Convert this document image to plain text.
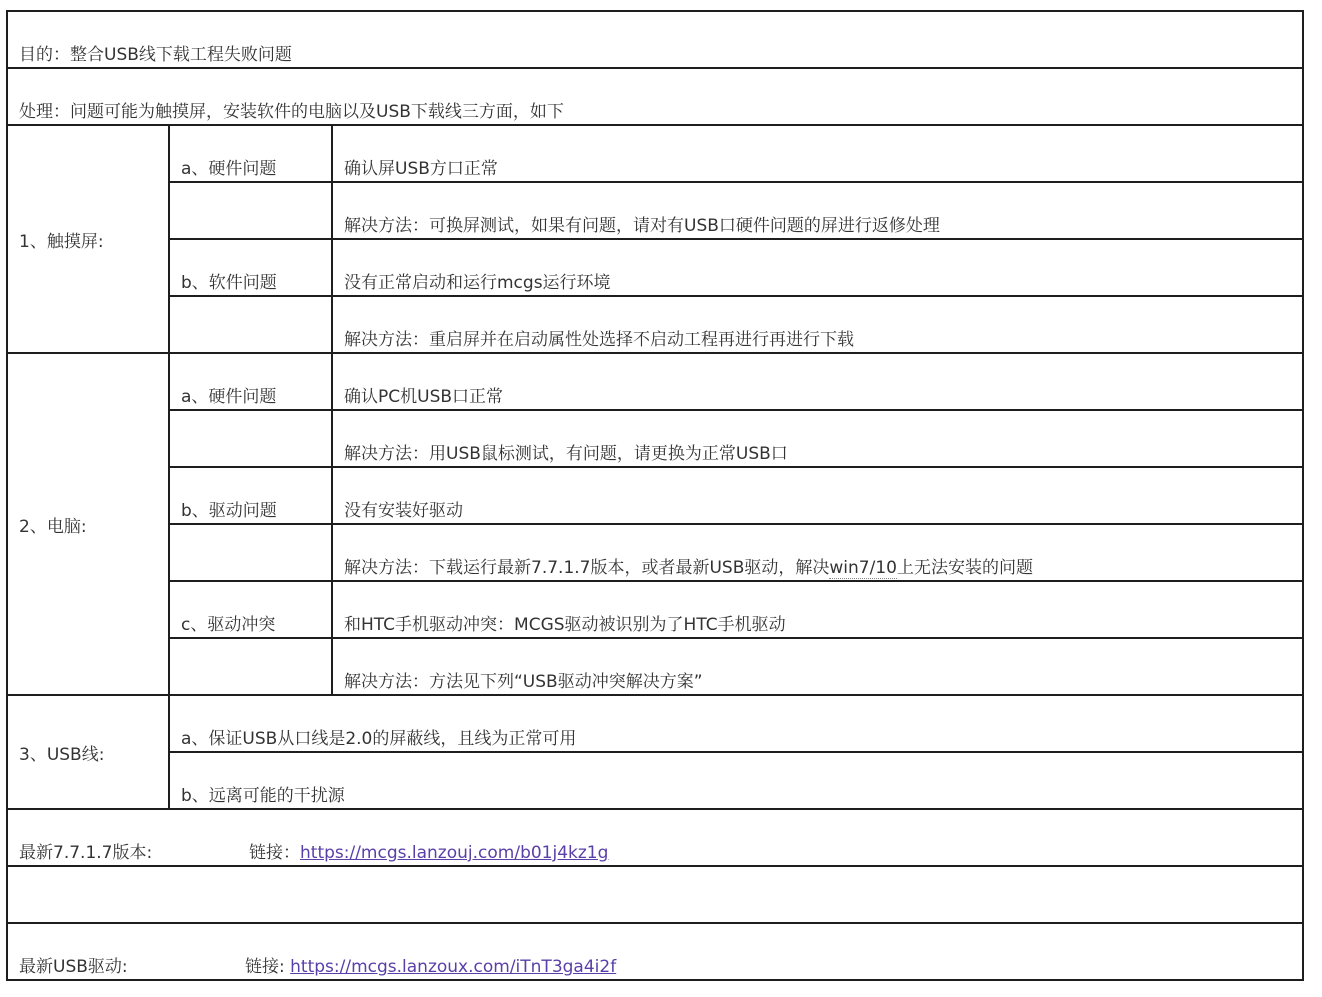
目的：整合USB线下载工程失败问题		
处理：问题可能为触摸屏，安装软件的电脑以及USB下载线三方面，如下		
1、触摸屏:	a、硬件问题	确认屏USB方口正常
		解决方法：可换屏测试，如果有问题，请对有USB口硬件问题的屏进行返修处理
	b、软件问题	没有正常启动和运行mcgs运行环境
		解决方法：重启屏并在启动属性处选择不启动工程再进行再进行下载
2、电脑:	a、硬件问题	确认PC机USB口正常
		解决方法：用USB鼠标测试，有问题，请更换为正常USB口
	b、驱动问题	没有安装好驱动
		解决方法：下载运行最新7.7.1.7版本，或者最新USB驱动，解决win7/10上无法安装的问题
	c、驱动冲突	和HTC手机驱动冲突：MCGS驱动被识别为了HTC手机驱动
		解决方法：方法见下列“USB驱动冲突解决方案”
3、USB线:	a、保证USB从口线是2.0的屏蔽线，且线为正常可用	
	b、远离可能的干扰源	
最新7.7.1.7版本: 链接：https://mcgs.lanzouj.com/b01j4kz1g		

最新USB驱动: 链接: https://mcgs.lanzoux.com/iTnT3ga4i2f		
